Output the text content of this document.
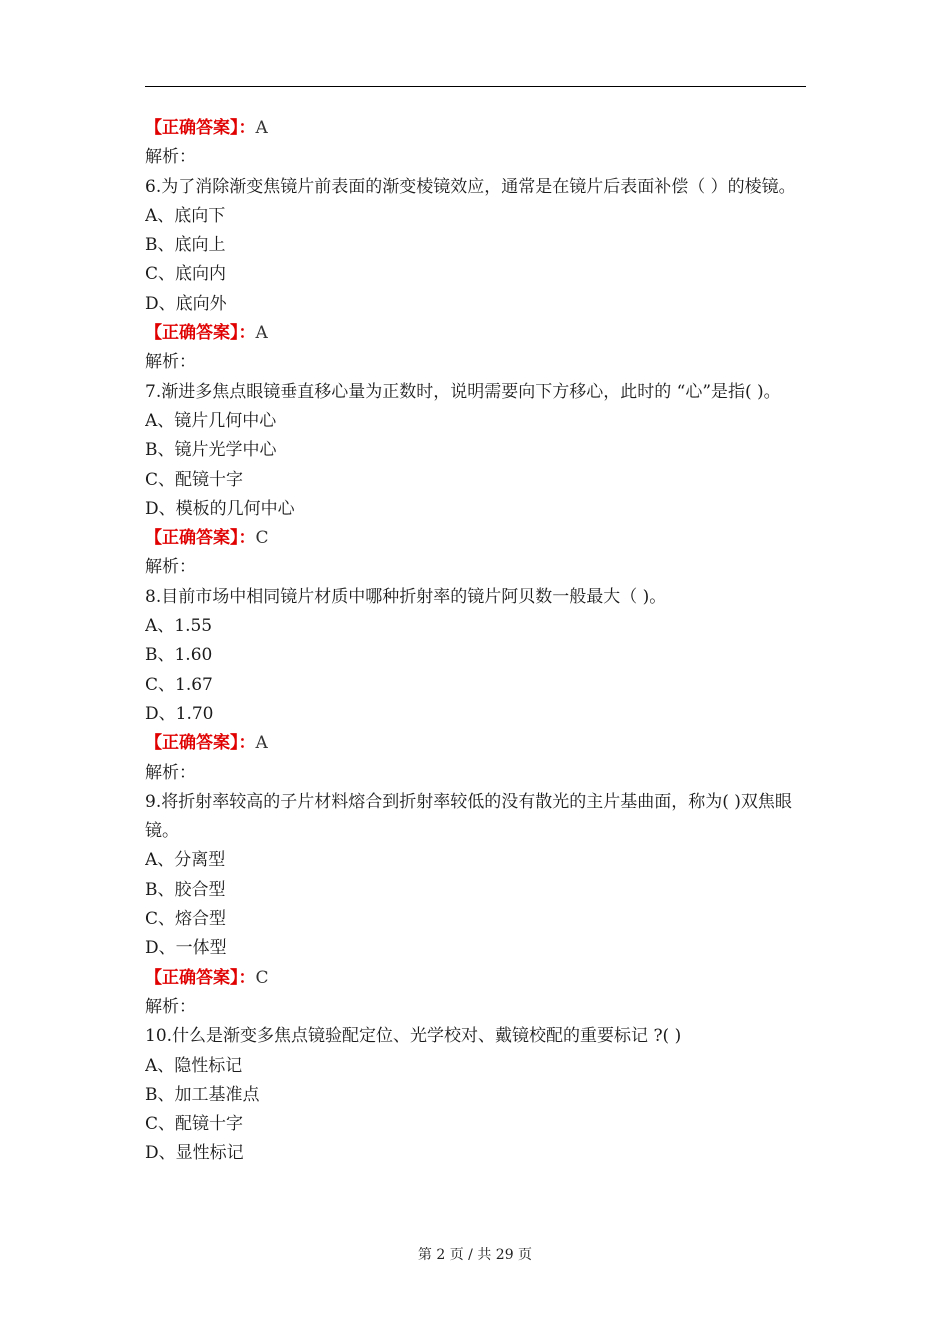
【正确答案】：A
解析：
6.为了消除渐变焦镜片前表面的渐变棱镜效应，通常是在镜片后表面补偿（ ）的棱镜。
A、底向下
B、底向上
C、底向内
D、底向外
【正确答案】：A
解析：
7.渐进多焦点眼镜垂直移心量为正数时，说明需要向下方移心，此时的 “心”是指( )。
A、镜片几何中心
B、镜片光学中心
C、配镜十字
D、模板的几何中心
【正确答案】：C
解析：
8.目前市场中相同镜片材质中哪种折射率的镜片阿贝数一般最大（ )。
A、1.55
B、1.60
C、1.67
D、1.70
【正确答案】：A
解析：
9.将折射率较高的子片材料熔合到折射率较低的没有散光的主片基曲面，称为( )双焦眼镜。
A、分离型
B、胶合型
C、熔合型
D、一体型
【正确答案】：C
解析：
10.什么是渐变多焦点镜验配定位、光学校对、戴镜校配的重要标记 ?( )
A、隐性标记
B、加工基准点
C、配镜十字
D、显性标记
第 2 页 / 共 29 页
